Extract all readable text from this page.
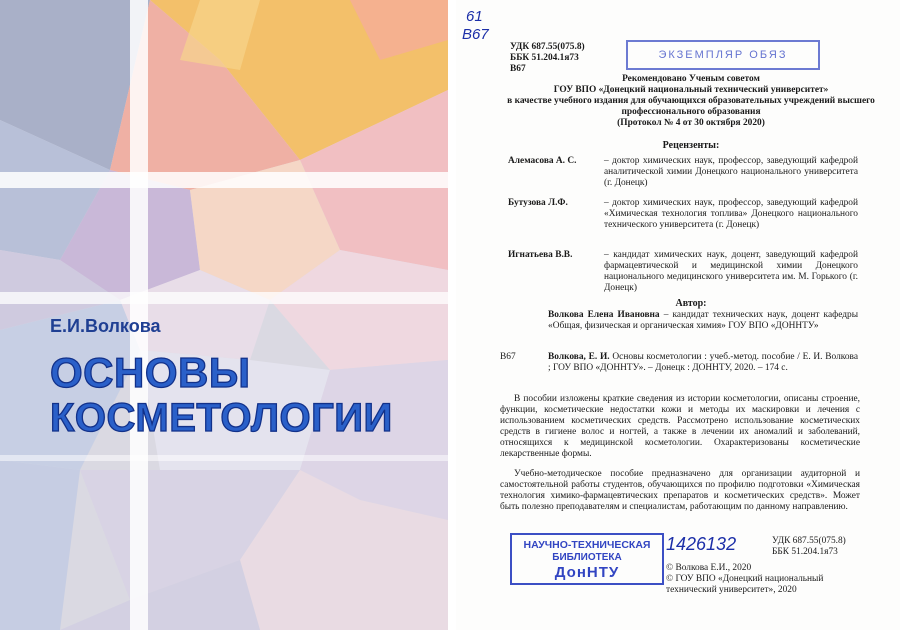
Е.И.Волкова
ОСНОВЫ
КОСМЕТОЛОГИИ
61
В67
УДК 687.55(075.8)
ББК 51.204.1я73
В67
ЭКЗЕМПЛЯР ОБЯЗ
Рекомендовано Ученым советом
ГОУ ВПО «Донецкий национальный технический университет»
в качестве учебного издания для обучающихся образовательных учреждений высшего профессионального образования
(Протокол № 4 от 30 октября 2020)
Рецензенты:
Алемасова А. С.	– доктор химических наук, профессор, заведующий кафедрой аналитической химии Донецкого национального университета (г. Донецк)
Бутузова Л.Ф.	– доктор химических наук, профессор, заведующий кафедрой «Химическая технология топлива» Донецкого национального технического университета (г. Донецк)
Игнатьева В.В.	– кандидат химических наук, доцент, заведующий кафедрой фармацевтической и медицинской химии Донецкого национального медицинского университета им. М. Горького (г. Донецк)
Автор:
Волкова Елена Ивановна – кандидат технических наук, доцент кафедры «Общая, физическая и органическая химия» ГОУ ВПО «ДОННТУ»
В67	Волкова, Е. И. Основы косметологии : учеб.-метод. пособие / Е. И. Волкова ; ГОУ ВПО «ДОННТУ». – Донецк : ДОННТУ, 2020. – 174 с.
В пособии изложены краткие сведения из истории косметологии, описаны строение, функции, косметические недостатки кожи и методы их маскировки и лечения с использованием косметических средств. Рассмотрено использование косметических средств в гигиене волос и ногтей, а также в лечении их аномалий и заболеваний, относящихся к медицинской косметологии. Охарактеризованы косметические лекарственные формы.
Учебно-методическое пособие предназначено для организации аудиторной и самостоятельной работы студентов, обучающихся по профилю подготовки «Химическая технология химико-фармацевтических препаратов и косметических средств». Может быть полезно преподавателям и специалистам, работающим по данному направлению.
НАУЧНО-ТЕХНИЧЕСКАЯ
БИБЛИОТЕКА
ДонНТУ
1426132	УДК 687.55(075.8)
ББК 51.204.1я73
© Волкова Е.И., 2020
© ГОУ ВПО «Донецкий национальный технический университет», 2020
